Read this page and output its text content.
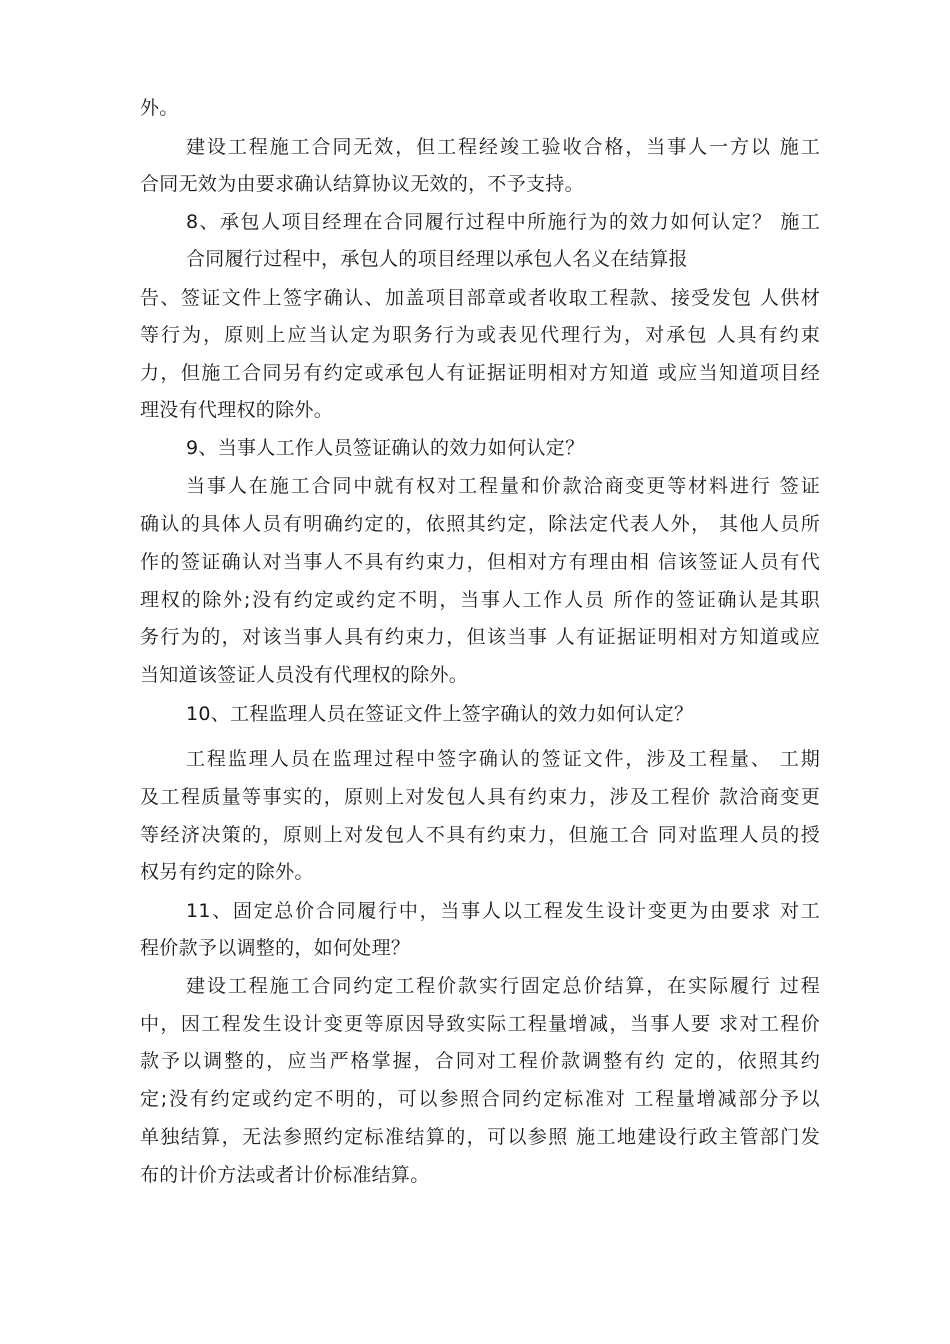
外。
建设工程施工合同无效，但工程经竣工验收合格，当事人一方以 施工
合同无效为由要求确认结算协议无效的，不予支持。
8、承包人项目经理在合同履行过程中所施行为的效力如何认定？ 施工
合同履行过程中，承包人的项目经理以承包人名义在结算报
告、签证文件上签字确认、加盖项目部章或者收取工程款、接受发包 人供材
等行为，原则上应当认定为职务行为或表见代理行为，对承包 人具有约束
力，但施工合同另有约定或承包人有证据证明相对方知道 或应当知道项目经
理没有代理权的除外。
9、当事人工作人员签证确认的效力如何认定？
当事人在施工合同中就有权对工程量和价款洽商变更等材料进行 签证
确认的具体人员有明确约定的，依照其约定，除法定代表人外， 其他人员所
作的签证确认对当事人不具有约束力，但相对方有理由相 信该签证人员有代
理权的除外;没有约定或约定不明，当事人工作人员 所作的签证确认是其职
务行为的，对该当事人具有约束力，但该当事 人有证据证明相对方知道或应
当知道该签证人员没有代理权的除外。
10、工程监理人员在签证文件上签字确认的效力如何认定？
工程监理人员在监理过程中签字确认的签证文件，涉及工程量、 工期
及工程质量等事实的，原则上对发包人具有约束力，涉及工程价 款洽商变更
等经济决策的，原则上对发包人不具有约束力，但施工合 同对监理人员的授
权另有约定的除外。
11、固定总价合同履行中，当事人以工程发生设计变更为由要求 对工
程价款予以调整的，如何处理？
建设工程施工合同约定工程价款实行固定总价结算，在实际履行 过程
中，因工程发生设计变更等原因导致实际工程量增减，当事人要 求对工程价
款予以调整的，应当严格掌握，合同对工程价款调整有约 定的，依照其约
定;没有约定或约定不明的，可以参照合同约定标准对 工程量增减部分予以
单独结算，无法参照约定标准结算的，可以参照 施工地建设行政主管部门发
布的计价方法或者计价标准结算。
